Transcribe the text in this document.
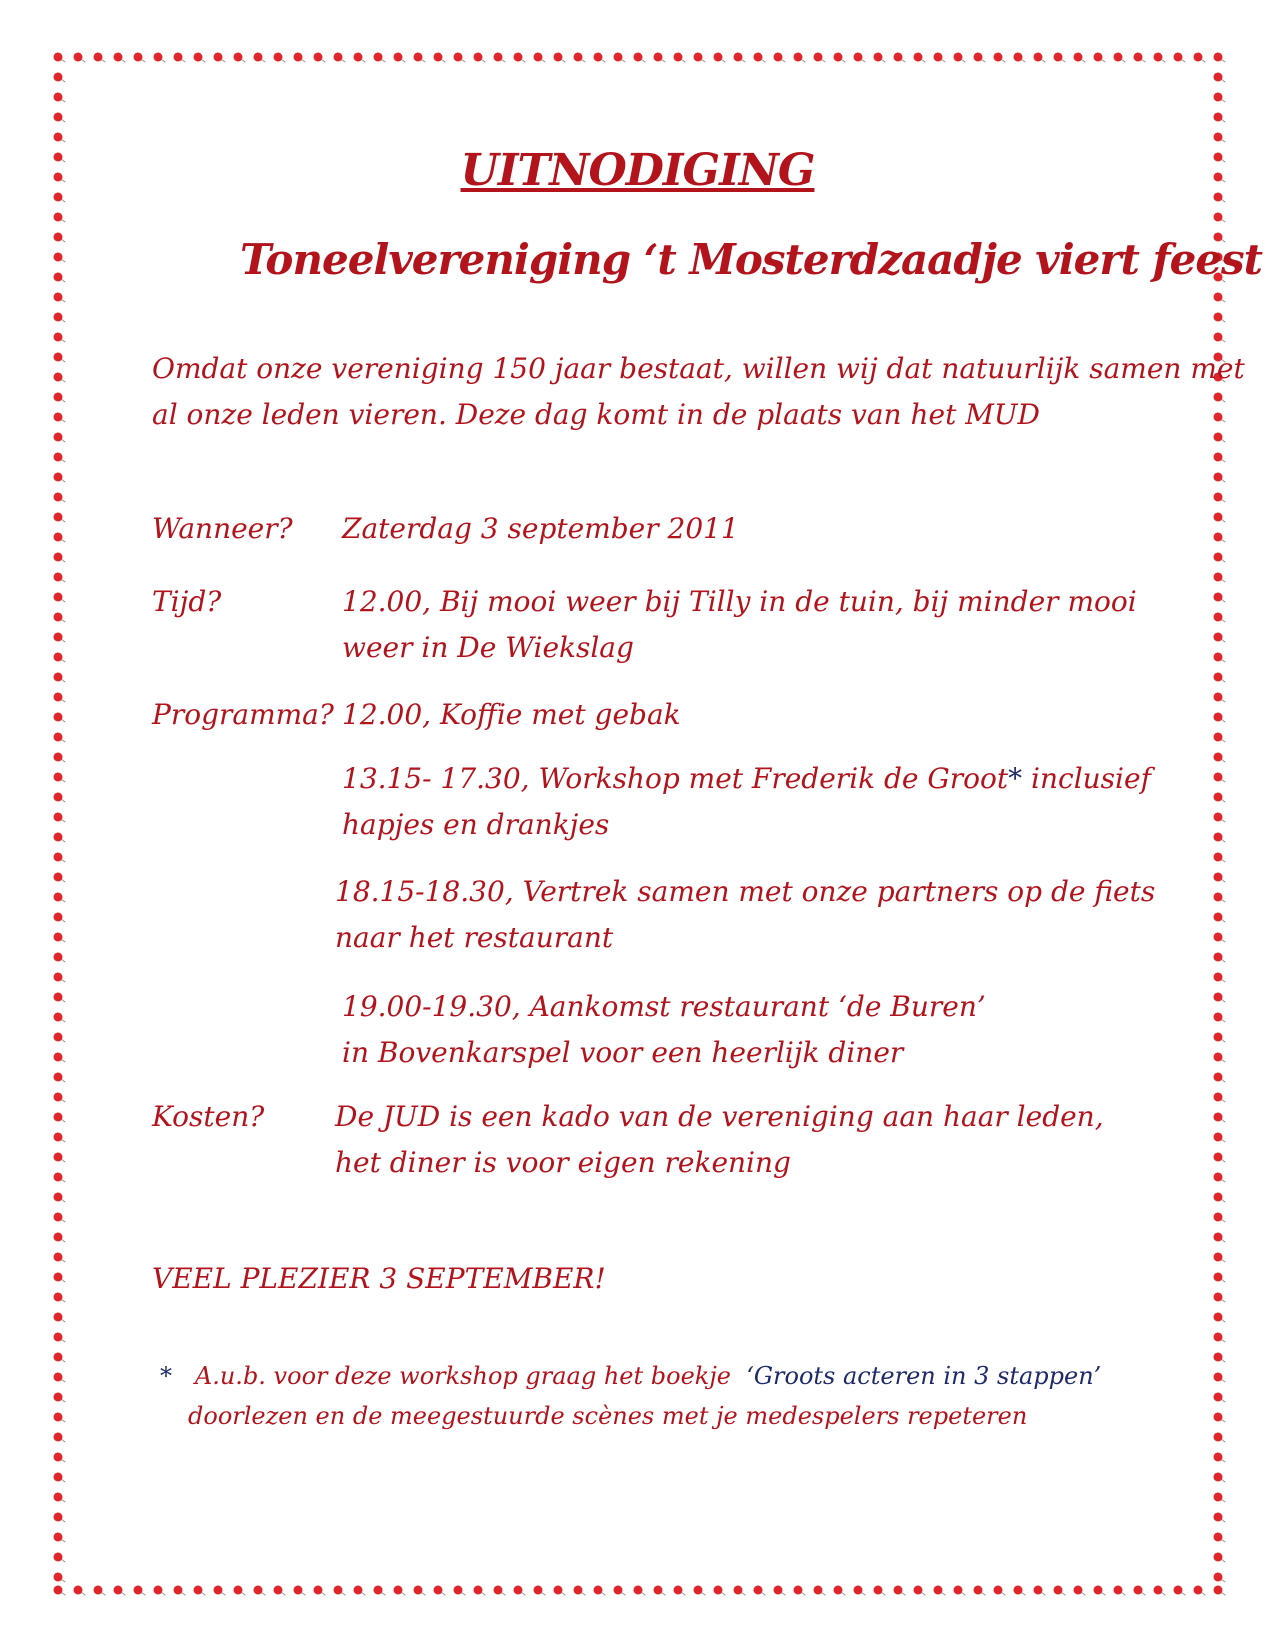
UITNODIGING
Toneelvereniging ‘t Mosterdzaadje viert feest
Omdat onze vereniging 150 jaar bestaat, willen wij dat natuurlijk samen met
al onze leden vieren. Deze dag komt in de plaats van het MUD
Wanneer? Zaterdag 3 september 2011
Tijd?	12.00, Bij mooi weer bij Tilly in de tuin, bij minder mooi
weer in De Wiekslag
Programma? 12.00, Koffie met gebak
13.15- 17.30, Workshop met Frederik de Groot* inclusief
hapjes en drankjes
18.15-18.30, Vertrek samen met onze partners op de fiets
naar het restaurant
19.00-19.30, Aankomst restaurant ‘de Buren’
in Bovenkarspel voor een heerlijk diner
Kosten?	De JUD is een kado van de vereniging aan haar leden,
het diner is voor eigen rekening
VEEL PLEZIER 3 SEPTEMBER!
* A.u.b. voor deze workshop graag het boekje ‘Groots acteren in 3 stappen’
doorlezen en de meegestuurde scènes met je medespelers repeteren
